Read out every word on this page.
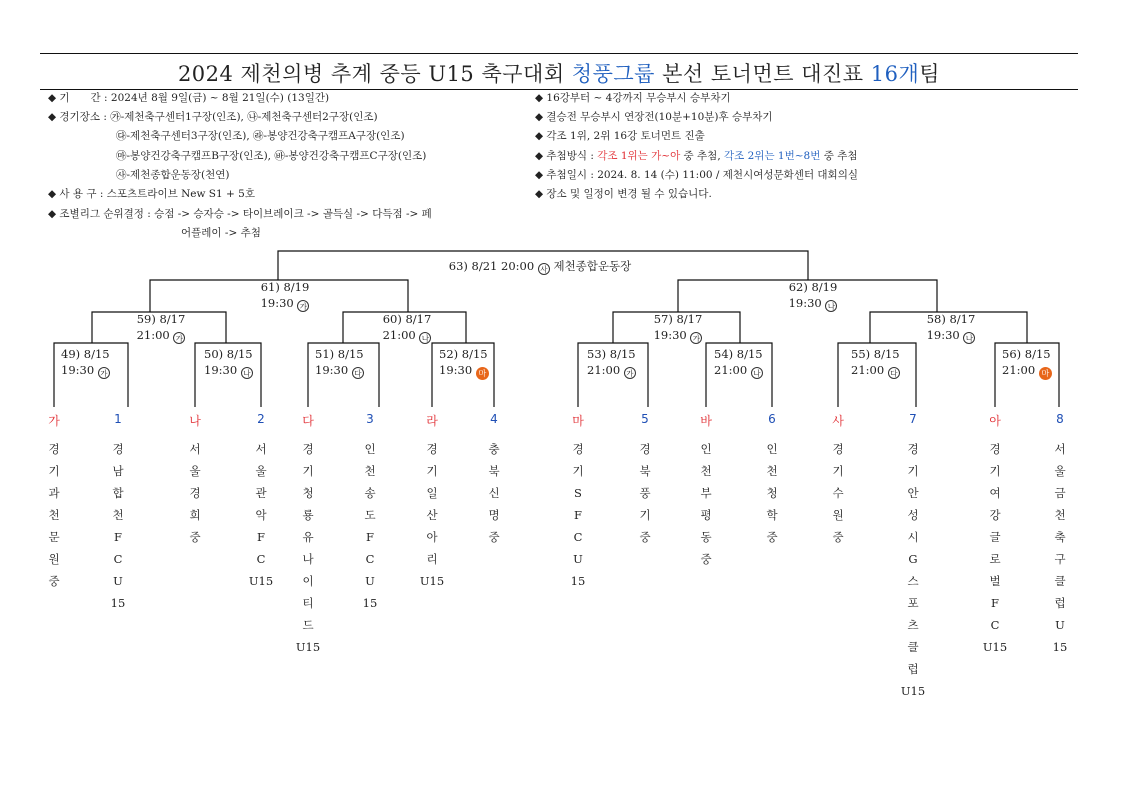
2024 제천의병 추계 중등 U15 축구대회 청풍그룹 본선 토너먼트 대진표 16개팀
◆ 기　　간 : 2024년 8월 9일(금) ~ 8월 21일(수) (13일간)
◆ 경기장소 : ㉮-제천축구센터1구장(인조), ㉯-제천축구센터2구장(인조)
㉰-제천축구센터3구장(인조), ㉱-봉양건강축구캠프A구장(인조)
㉲-봉양건강축구캠프B구장(인조), ㉳-봉양건강축구캠프C구장(인조)
㉴-제천종합운동장(천연)
◆ 사 용 구 : 스포츠트라이브 New S1 + 5호
◆ 조별리그 순위결정 : 승점 -> 승자승 -> 타이브레이크 -> 골득실 -> 다득점 -> 페
어플레이 -> 추첨
◆ 16강부터 ~ 4강까지 무승부시 승부차기
◆ 결승전 무승부시 연장전(10분+10분)후 승부차기
◆ 각조 1위, 2위 16강 토너먼트 진출
◆ 추첨방식 : 각조 1위는 가~아 중 추첨, 각조 2위는 1번~8번 중 추첨
◆ 추첨일시 : 2024. 8. 14 (수) 11:00 / 제천시여성문화센터 대회의실
◆ 장소 및 일정이 변경 될 수 있습니다.
63) 8/21 20:00 사 제천종합운동장
61) 8/19
19:30 가
62) 8/19
19:30 나
59) 8/17
21:00 가
60) 8/17
21:00 나
57) 8/17
19:30 가
58) 8/17
19:30 나
49) 8/15
19:30 가
50) 8/15
19:30 나
51) 8/15
19:30 다
52) 8/15
19:30 마
53) 8/15
21:00 가
54) 8/15
21:00 나
55) 8/15
21:00 다
56) 8/15
21:00 마
가
경
기
과
천
문
원
중
1
경
남
합
천
F
C
U
15
나
서
울
경
희
중
2
서
울
관
악
F
C
U15
다
경
기
청
룡
유
나
이
티
드
U15
3
인
천
송
도
F
C
U
15
라
경
기
일
산
아
리
U15
4
충
북
신
명
중
마
경
기
S
F
C
U
15
5
경
북
풍
기
중
바
인
천
부
평
동
중
6
인
천
청
학
중
사
경
기
수
원
중
7
경
기
안
성
시
G
스
포
츠
클
럽
U15
아
경
기
여
강
글
로
벌
F
C
U15
8
서
울
금
천
축
구
클
럽
U
15
